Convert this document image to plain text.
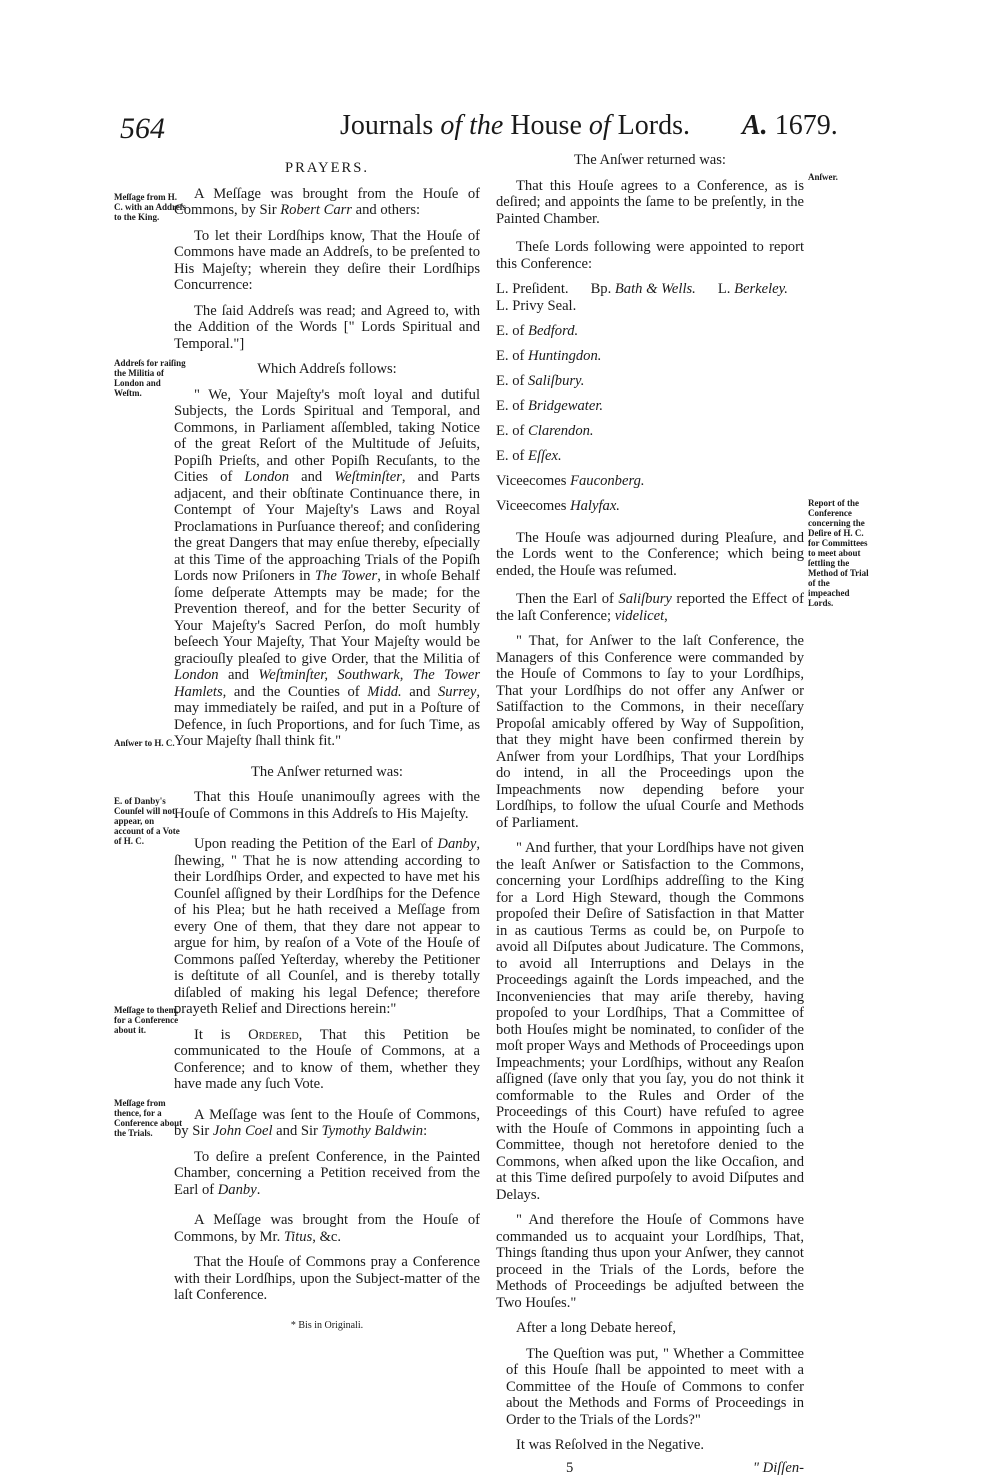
564	Journals of the House of Lords. A. 1679.
Meſſage from H. C. with an Addreſs to the King.
Addreſs for raiſing the Militia of London and Weſtm.
Anſwer to H. C.
E. of Danby's Counſel will not appear, on account of a Vote of H. C.
Meſſage to them, for a Conference about it.
Meſſage from thence, for a Conference about the Trials.

PRAYERS.

A Meſſage was brought from the Houſe of Commons, by Sir Robert Carr and others:

To let their Lordſhips know, That the Houſe of Commons have made an Addreſs, to be preſented to His Majeſty; wherein they deſire their Lordſhips Concurrence:

The ſaid Addreſs was read; and Agreed to, with the Addition of the Words [" Lords Spiritual and Temporal."]

Which Addreſs follows:

" We, Your Majeſty's moſt loyal and dutiful Subjects, the Lords Spiritual and Temporal, and Commons, in Parliament aſſembled, taking Notice of the great Reſort of the Multitude of Jeſuits, Popiſh Prieſts, and other Popiſh Recuſants, to the Cities of London and Weſtminſter, and Parts adjacent, and their obſtinate Continuance there, in Contempt of Your Majeſty's Laws and Royal Proclamations in Purſuance thereof; and conſidering the great Dangers that may enſue thereby, eſpecially at this Time of the approaching Trials of the Popiſh Lords now Priſoners in The Tower, in whoſe Behalf ſome deſperate Attempts may be made; for the Prevention thereof, and for the better Security of Your Majeſty's Sacred Perſon, do moſt humbly beſeech Your Majeſty, That Your Majeſty would be graciouſly pleaſed to give Order, that the Militia of London and Weſtminſter, Southwark, The Tower Hamlets, and the Counties of Midd. and Surrey, may immediately be raiſed, and put in a Poſture of Defence, in ſuch Proportions, and for ſuch Time, as Your Majeſty ſhall think fit."

The Anſwer returned was:

That this Houſe unanimouſly agrees with the Houſe of Commons in this Addreſs to His Majeſty.

Upon reading the Petition of the Earl of Danby, ſhewing, " That he is now attending according to their Lordſhips Order, and expected to have met his Counſel aſſigned by their Lordſhips for the Defence of his Plea; but he hath received a Meſſage from every One of them, that they dare not appear to argue for him, by reaſon of a Vote of the Houſe of Commons paſſed Yeſterday, whereby the Petitioner is deſtitute of all Counſel, and is thereby totally diſabled of making his legal Defence; therefore prayeth Relief and Directions herein:"

It is Ordered, That this Petition be communicated to the Houſe of Commons, at a Conference; and to know of them, whether they have made any ſuch Vote.

A Meſſage was ſent to the Houſe of Commons, by Sir John Coel and Sir Tymothy Baldwin:

To deſire a preſent Conference, in the Painted Chamber, concerning a Petition received from the Earl of Danby.

A Meſſage was brought from the Houſe of Commons, by Mr. Titus, &c.

That the Houſe of Commons pray a Conference with their Lordſhips, upon the Subject-matter of the laſt Conference.

* Bis in Originali.

The Anſwer returned was:

That this Houſe agrees to a Conference, as is deſired; and appoints the ſame to be preſently, in the Painted Chamber.

Theſe Lords following were appointed to report this Conference:

L. Preſident. Bp. Bath & Wells. L. Berkeley.

L. Privy Seal.

E. of Bedford.

E. of Huntingdon.

E. of Saliſbury.

E. of Bridgewater.

E. of Clarendon.

E. of Eſſex.

Viceecomes Fauconberg.

Viceecomes Halyfax.

The Houſe was adjourned during Pleaſure, and the Lords went to the Conference; which being ended, the Houſe was reſumed.

Then the Earl of Saliſbury reported the Effect of the laſt Conference; videlicet,

" That, for Anſwer to the laſt Conference, the Managers of this Conference were commanded by the Houſe of Commons to ſay to your Lordſhips, That your Lordſhips do not offer any Anſwer or Satiſfaction to the Commons, in their neceſſary Propoſal amicably offered by Way of Suppoſition, that they might have been confirmed therein by Anſwer from your Lordſhips, That your Lordſhips do intend, in all the Proceedings upon the Impeachments now depending before your Lordſhips, to follow the uſual Courſe and Methods of Parliament.

" And further, that your Lordſhips have not given the leaſt Anſwer or Satisfaction to the Commons, concerning your Lordſhips addreſſing to the King for a Lord High Steward, though the Commons propoſed their Deſire of Satisfaction in that Matter in as cautious Terms as could be, on Purpoſe to avoid all Diſputes about Judicature. The Commons, to avoid all Interruptions and Delays in the Proceedings againſt the Lords impeached, and the Inconveniencies that may ariſe thereby, having propoſed to your Lordſhips, That a Committee of both Houſes might be nominated, to conſider of the moſt proper Ways and Methods of Proceedings upon Impeachments; your Lordſhips, without any Reaſon aſſigned (ſave only that you ſay, you do not think it comformable to the Rules and Order of the Proceedings of this Court) have refuſed to agree with the Houſe of Commons in appointing ſuch a Committee, though not heretofore denied to the Commons, when aſked upon the like Occaſion, and at this Time deſired purpoſely to avoid Diſputes and Delays.

" And therefore the Houſe of Commons have commanded us to acquaint your Lordſhips, That, Things ſtanding thus upon your Anſwer, they cannot proceed in the Trials of the Lords, before the Methods of Proceedings be adjuſted between the Two Houſes."

After a long Debate hereof,

The Queſtion was put, " Whether a Committee of this Houſe ſhall be appointed to meet with a Committee of the Houſe of Commons to confer about the Methods and Forms of Proceedings in Order to the Trials of the Lords?"

It was Reſolved in the Negative.

5	" Diſſen-
Anſwer.
Report of the Conference concerning the Deſire of H. C. for Committees to meet about ſettling the Method of Trial of the impeached Lords.
